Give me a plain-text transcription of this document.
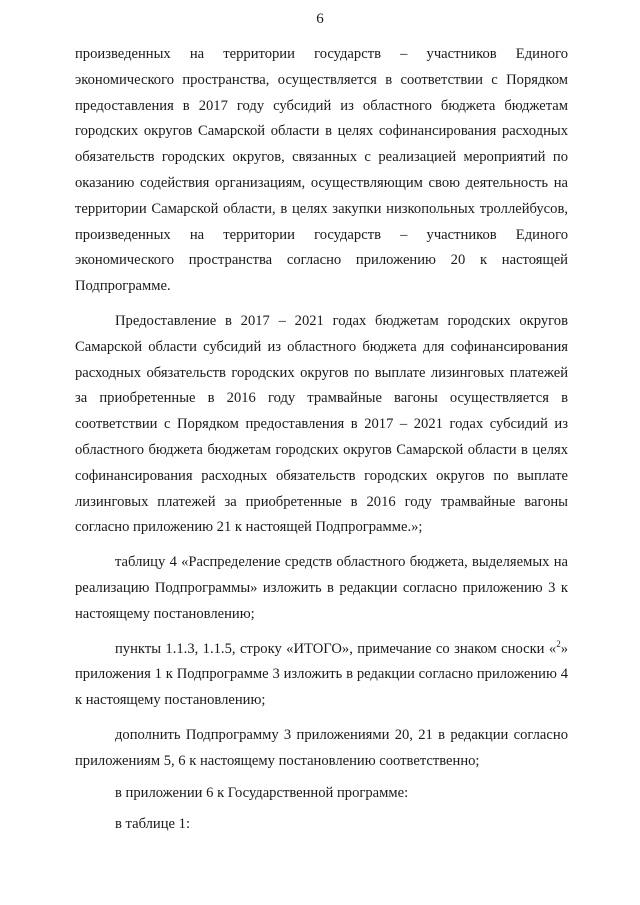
6
произведенных на территории государств – участников Единого
экономического пространства, осуществляется в соответствии с Порядком
предоставления в 2017 году субсидий из областного бюджета бюджетам
городских округов Самарской области в целях софинансирования расходных
обязательств городских округов, связанных с реализацией мероприятий по
оказанию содействия организациям, осуществляющим свою деятельность на
территории Самарской области, в целях закупки низкопольных троллейбусов,
произведенных на территории государств – участников Единого
экономического пространства согласно приложению 20 к настоящей
Подпрограмме.
Предоставление в 2017 – 2021 годах бюджетам городских округов
Самарской области субсидий из областного бюджета для софинансирования
расходных обязательств городских округов по выплате лизинговых платежей
за приобретенные в 2016 году трамвайные вагоны осуществляется в
соответствии с Порядком предоставления в 2017 – 2021 годах субсидий из
областного бюджета бюджетам городских округов Самарской области в целях
софинансирования расходных обязательств городских округов по выплате
лизинговых платежей за приобретенные в 2016 году трамвайные вагоны
согласно приложению 21 к настоящей Подпрограмме.»;
таблицу 4 «Распределение средств областного бюджета, выделяемых на
реализацию Подпрограммы» изложить в редакции согласно приложению 3 к
настоящему постановлению;
пункты 1.1.3, 1.1.5, строку «ИТОГО», примечание со знаком сноски «$^2$»
приложения 1 к Подпрограмме 3 изложить в редакции согласно приложению 4
к настоящему постановлению;
дополнить Подпрограмму 3 приложениями 20, 21 в редакции согласно
приложениям 5, 6 к настоящему постановлению соответственно;
в приложении 6 к Государственной программе:
в таблице 1:
